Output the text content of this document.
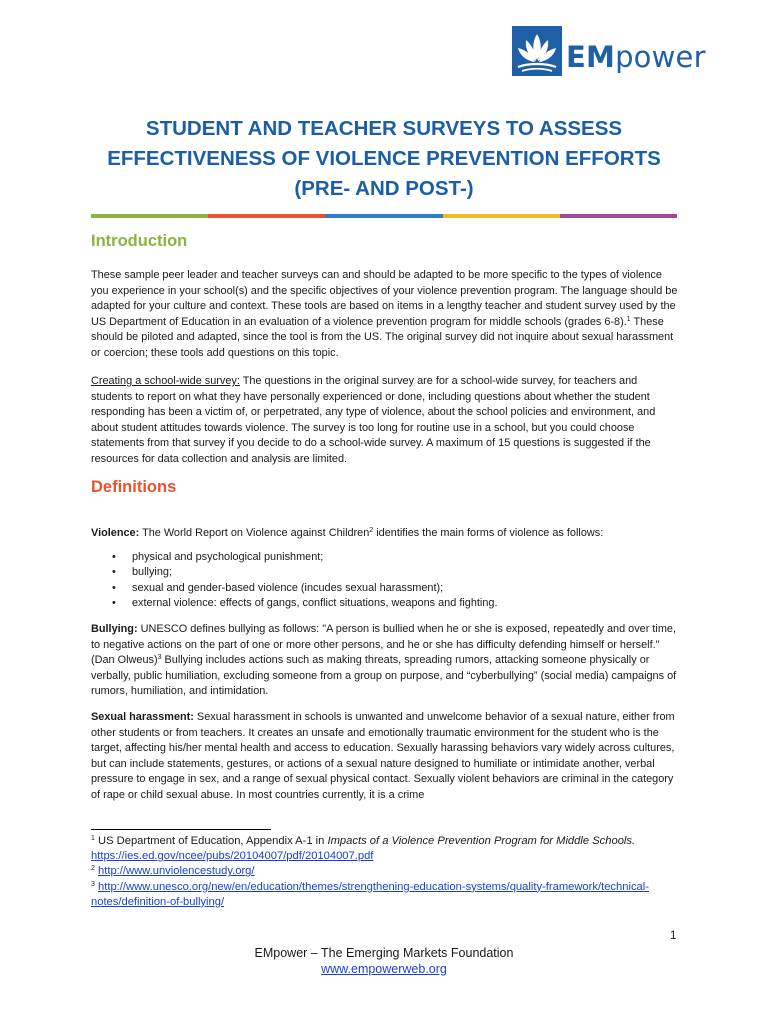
EMpower
STUDENT AND TEACHER SURVEYS TO ASSESS
EFFECTIVENESS OF VIOLENCE PREVENTION EFFORTS
(PRE- AND POST-)
Introduction

These sample peer leader and teacher surveys can and should be adapted to be more specific to the types of violence you experience in your school(s) and the specific objectives of your violence prevention program. The language should be adapted for your culture and context. These tools are based on items in a lengthy teacher and student survey used by the US Department of Education in an evaluation of a violence prevention program for middle schools (grades 6-8).$^1$ These should be piloted and adapted, since the tool is from the US. The original survey did not inquire about sexual harassment or coercion; these tools add questions on this topic.

Creating a school-wide survey: The questions in the original survey are for a school-wide survey, for teachers and students to report on what they have personally experienced or done, including questions about whether the student responding has been a victim of, or perpetrated, any type of violence, about the school policies and environment, and about student attitudes towards violence. The survey is too long for routine use in a school, but you could choose statements from that survey if you decide to do a school-wide survey. A maximum of 15 questions is suggested if the resources for data collection and analysis are limited.

Definitions

Violence: The World Report on Violence against Children$^2$ identifies the main forms of violence as follows:

• physical and psychological punishment;
• bullying;
• sexual and gender-based violence (incudes sexual harassment);
• external violence: effects of gangs, conflict situations, weapons and fighting.

Bullying: UNESCO defines bullying as follows: "A person is bullied when he or she is exposed, repeatedly and over time, to negative actions on the part of one or more other persons, and he or she has difficulty defending himself or herself." (Dan Olweus)$^3$ Bullying includes actions such as making threats, spreading rumors, attacking someone physically or verbally, public humiliation, excluding someone from a group on purpose, and “cyberbullying” (social media) campaigns of rumors, humiliation, and intimidation.

Sexual harassment: Sexual harassment in schools is unwanted and unwelcome behavior of a sexual nature, either from other students or from teachers. It creates an unsafe and emotionally traumatic environment for the student who is the target, affecting his/her mental health and access to education. Sexually harassing behaviors vary widely across cultures, but can include statements, gestures, or actions of a sexual nature designed to humiliate or intimidate another, verbal pressure to engage in sex, and a range of sexual physical contact. Sexually violent behaviors are criminal in the category of rape or child sexual abuse. In most countries currently, it is a crime

$^1$ US Department of Education, Appendix A-1 in Impacts of a Violence Prevention Program for Middle Schools. https://ies.ed.gov/ncee/pubs/20104007/pdf/20104007.pdf
$^2$ http://www.unviolencestudy.org/
$^3$ http://www.unesco.org/new/en/education/themes/strengthening-education-systems/quality-framework/technical-notes/definition-of-bullying/
1
EMpower – The Emerging Markets Foundation
www.empowerweb.org
